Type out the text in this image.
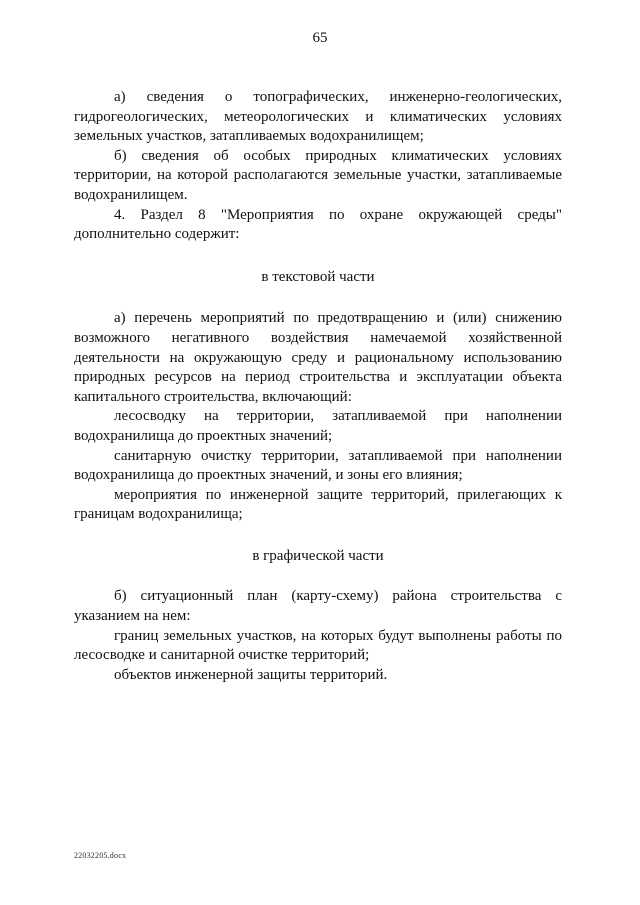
65

а) сведения о топографических, инженерно-геологических, гидрогеологических, метеорологических и климатических условиях земельных участков, затапливаемых водохранилищем;

б) сведения об особых природных климатических условиях территории, на которой располагаются земельные участки, затапливаемые водохранилищем.

4. Раздел 8 "Мероприятия по охране окружающей среды" дополнительно содержит:

в текстовой части

а) перечень мероприятий по предотвращению и (или) снижению возможного негативного воздействия намечаемой хозяйственной деятельности на окружающую среду и рациональному использованию природных ресурсов на период строительства и эксплуатации объекта капитального строительства, включающий:

лесосводку на территории, затапливаемой при наполнении водохранилища до проектных значений;

санитарную очистку территории, затапливаемой при наполнении водохранилища до проектных значений, и зоны его влияния;

мероприятия по инженерной защите территорий, прилегающих к границам водохранилища;

в графической части

б) ситуационный план (карту-схему) района строительства с указанием на нем:

границ земельных участков, на которых будут выполнены работы по лесосводке и санитарной очистке территорий;

объектов инженерной защиты территорий.

22032205.docx
